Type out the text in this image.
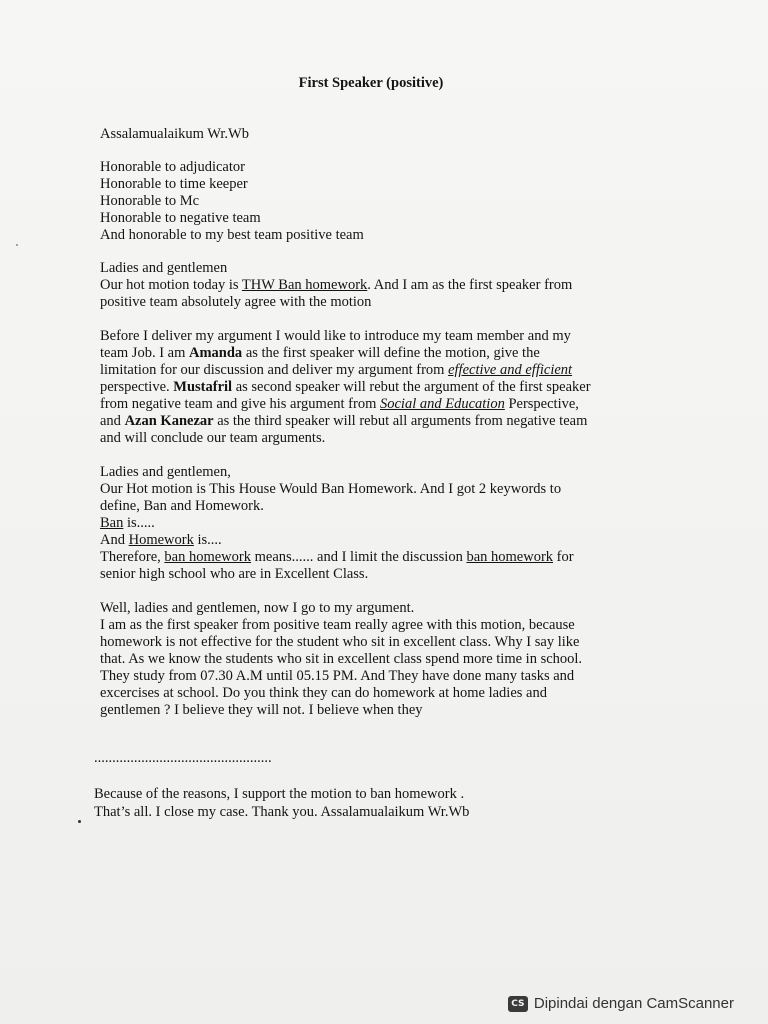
First Speaker (positive)

Assalamualaikum Wr.Wb

Honorable to adjudicator

Honorable to time keeper

Honorable to Mc

Honorable to negative team

And honorable to my best team positive team

Ladies and gentlemen

Our hot motion today is THW Ban homework. And I am as the first speaker from

positive team absolutely agree with the motion

Before I deliver my argument I would like to introduce my team member and my

team Job. I am Amanda as the first speaker will define the motion, give the

limitation for our discussion and deliver my argument from effective and efficient

perspective. Mustafril as second speaker will rebut the argument of the first speaker

from negative team and give his argument from Social and Education Perspective,

and Azan Kanezar as the third speaker will rebut all arguments from negative team

and will conclude our team arguments.

Ladies and gentlemen,

Our Hot motion is This House Would Ban Homework. And I got 2 keywords to

define, Ban and Homework.

Ban is.....

And Homework is....

Therefore, ban homework means...... and I limit the discussion ban homework for

senior high school who are in Excellent Class.

Well, ladies and gentlemen, now I go to my argument.

I am as the first speaker from positive team really agree with this motion, because

homework is not effective for the student who sit in excellent class. Why I say like

that. As we know the students who sit in excellent class spend more time in school.

They study from 07.30 A.M until 05.15 PM. And They have done many tasks and

excercises at school. Do you think they can do homework at home ladies and

gentlemen ? I believe they will not. I believe when they

.................................................

Because of the reasons, I support the motion to ban homework .

That’s all. I close my case. Thank you. Assalamualaikum Wr.Wb

CS Dipindai dengan CamScanner
